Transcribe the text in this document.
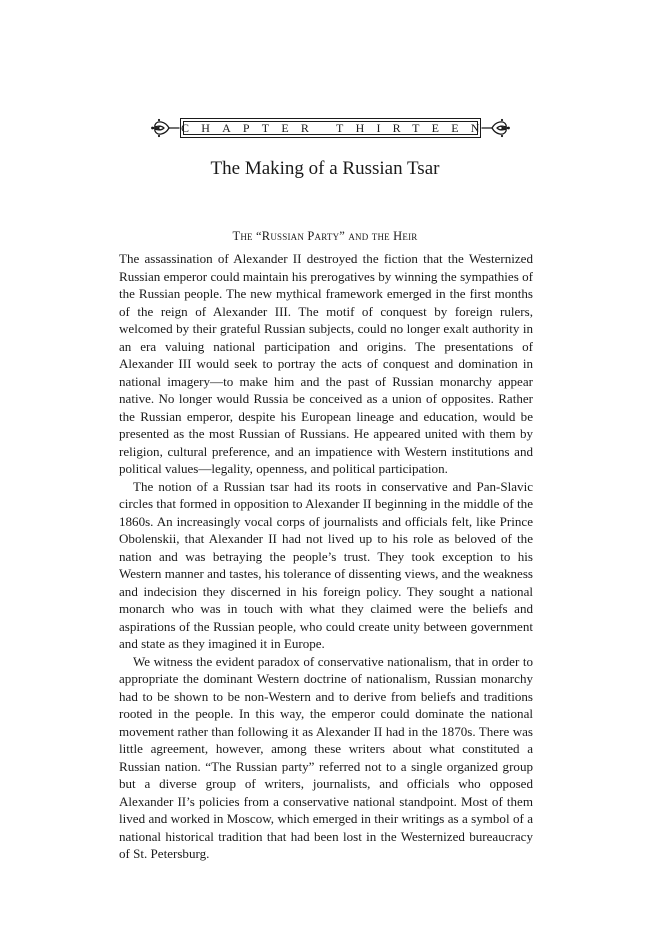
CHAPTER THIRTEEN
The Making of a Russian Tsar
The “Russian Party” and the Heir

The assassination of Alexander II destroyed the fiction that the Westernized Russian emperor could maintain his prerogatives by winning the sympathies of the Russian people. The new mythical framework emerged in the first months of the reign of Alexander III. The motif of conquest by foreign rulers, welcomed by their grateful Russian subjects, could no longer exalt authority in an era valuing national participation and origins. The presentations of Alexander III would seek to portray the acts of conquest and domination in national imagery—to make him and the past of Russian monarchy appear native. No longer would Russia be conceived as a union of opposites. Rather the Russian emperor, despite his European lineage and education, would be presented as the most Russian of Russians. He appeared united with them by religion, cultural preference, and an impatience with Western institutions and political values—legality, openness, and political participation.

The notion of a Russian tsar had its roots in conservative and Pan-Slavic circles that formed in opposition to Alexander II beginning in the middle of the 1860s. An increasingly vocal corps of journalists and officials felt, like Prince Obolenskii, that Alexander II had not lived up to his role as beloved of the nation and was betraying the people’s trust. They took exception to his Western manner and tastes, his tolerance of dissenting views, and the weakness and indecision they discerned in his foreign policy. They sought a national monarch who was in touch with what they claimed were the beliefs and aspirations of the Russian people, who could create unity between government and state as they imagined it in Europe.

We witness the evident paradox of conservative nationalism, that in order to appropriate the dominant Western doctrine of nationalism, Russian monarchy had to be shown to be non-Western and to derive from beliefs and traditions rooted in the people. In this way, the emperor could dominate the national movement rather than following it as Alexander II had in the 1870s. There was little agreement, however, among these writers about what constituted a Russian nation. “The Russian party” referred not to a single organized group but a diverse group of writers, journalists, and officials who opposed Alexander II’s policies from a conservative national standpoint. Most of them lived and worked in Moscow, which emerged in their writings as a symbol of a national historical tradition that had been lost in the Westernized bureaucracy of St. Petersburg.
